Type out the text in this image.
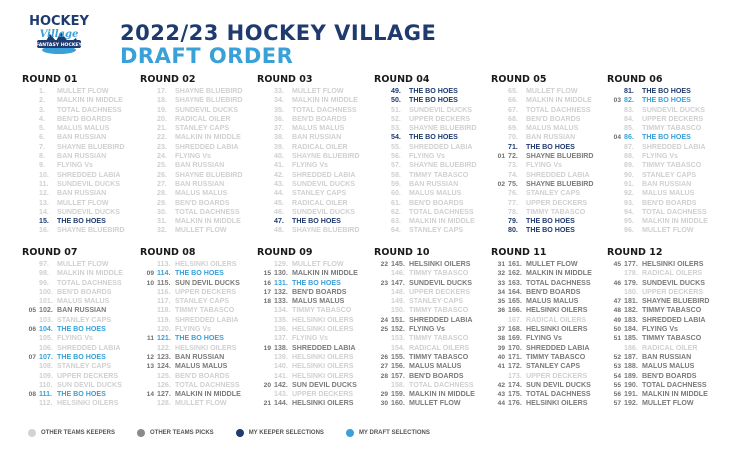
HOCKEY
Village
FANTASY HOCKEY
2022/23 HOCKEY VILLAGE
DRAFT ORDER
ROUND 01
1.	MULLET FLOW
2.	MALKIN IN MIDDLE
3.	TOTAL DACHNESS
4.	BEN'D BOARDS
5.	MALUS MALUS
6.	BAN RUSSIAN
7.	SHAYNE BLUEBIRD
8.	BAN RUSSIAN
9.	FLYING Vs
10.	SHREDDED LABIA
11.	SUNDEVIL DUCKS
12.	BAN RUSSIAN
13.	MULLET FLOW
14.	SUNDEVIL DUCKS
15.	THE BO HOES
16.	SHAYNE BLUEBIRD
ROUND 02
17.	SHAYNE BLUEBIRD
18.	SHAYNE BLUEBIRD
19.	SUNDEVIL DUCKS
20.	RADICAL OILER
21.	STANLEY CAPS
22.	MALKIN IN MIDDLE
23.	SHREDDED LABIA
24.	FLYING Vs
25.	BAN RUSSIAN
26.	SHAYNE BLUEBIRD
27.	BAN RUSSIAN
28.	MALUS MALUS
29.	BEN'D BOARDS
30.	TOTAL DACHNESS
31.	MALKIN IN MIDDLE
32.	MULLET FLOW
ROUND 03
33.	MULLET FLOW
34.	MALKIN IN MIDDLE
35.	TOTAL DACHNESS
36.	BEN'D BOARDS
37.	MALUS MALUS
38.	BAN RUSSIAN
39.	RADICAL OILER
40.	SHAYNE BLUEBIRD
41.	FLYING Vs
42.	SHREDDED LABIA
43.	SUNDEVIL DUCKS
44.	STANLEY CAPS
45.	RADICAL OILER
46.	SUNDEVIL DUCKS
47.	THE BO HOES
48.	SHAYNE BLUEBIRD
ROUND 04
49.	THE BO HOES
50.	THE BO HOES
51.	SUNDEVIL DUCKS
52.	UPPER DECKERS
53.	SHAYNE BLUEBIRD
54.	THE BO HOES
55.	SHREDDED LABIA
56.	FLYING Vs
57.	SHAYNE BLUEBIRD
58.	TIMMY TABASCO
59.	BAN RUSSIAN
60.	MALUS MALUS
61.	BEN'D BOARDS
62.	TOTAL DACHNESS
63.	MALKIN IN MIDDLE
64.	STANLEY CAPS
ROUND 05
65.	MULLET FLOW
66.	MALKIN IN MIDDLE
67.	TOTAL DACHNESS
68.	BEN'D BOARDS
69.	MALUS MALUS
70.	BAN RUSSIAN
71.	THE BO HOES
01 72.	SHAYNE BLUEBIRD
73.	FLYING Vs
74.	SHREDDED LABIA
02 75.	SHAYNE BLUEBIRD
76.	STANLEY CAPS
77.	UPPER DECKERS
78.	TIMMY TABASCO
79.	THE BO HOES
80.	THE BO HOES
ROUND 06
81.	THE BO HOES
03 82.	THE BO HOES
83.	SUNDEVIL DUCKS
84.	UPPER DECKERS
85.	TIMMY TABASCO
04 86.	THE BO HOES
87.	SHREDDED LABIA
88.	FLYING Vs
89.	TIMMY TABASCO
90.	STANLEY CAPS
91.	BAN RUSSIAN
92.	MALUS MALUS
93.	BEN'D BOARDS
94.	TOTAL DACHNESS
95.	MALKIN IN MIDDLE
96.	MULLET FLOW
ROUND 07
97.	MULLET FLOW
98.	MALKIN IN MIDDLE
99.	TOTAL DACHNESS
100. BEN'D BOARDS
101. MALUS MALUS
05 102. BAN RUSSIAN
103. STANLEY CAPS
06 104. THE BO HOES
105. FLYING Vs
106. SHREDDED LABIA
07 107. THE BO HOES
108. STANLEY CAPS
109. UPPER DECKERS
110. SUN DEVIL DUCKS
08 111. THE BO HOES
112. HELSINKI OILERS
ROUND 08
113. HELSINKI OILERS
09 114. THE BO HOES
10 115. SUN DEVIL DUCKS
116. UPPER DECKERS
117. STANLEY CAPS
118. TIMMY TABASCO
119. SHREDDED LABIA
120. FLYING Vs
11 121. THE BO HOES
122. HELSINKI OILERS
12 123. BAN RUSSIAN
13 124. MALUS MALUS
125. BEN'D BOARDS
126. TOTAL DACHNESS
14 127. MALKIN IN MIDDLE
128. MULLET FLOW
ROUND 09
129. MULLET FLOW
15 130. MALKIN IN MIDDLE
16 131. THE BO HOES
17 132. BEN'D BOARDS
18 133. MALUS MALUS
134. TIMMY TABASCO
135. HELSINKI OILERS
136. HELSINKI OILERS
137. FLYING Vs
19 138. SHREDDED LABIA
139. HELSINKI OILERS
140. HELSINKI OILERS
141. HELSINKI OILERS
20 142. SUN DEVIL DUCKS
143. UPPER DECKERS
21 144. HELSINKI OILERS
ROUND 10
22 145. HELSINKI OILERS
146. TIMMY TABASCO
23 147. SUNDEVIL DUCKS
148. UPPER DECKERS
149. STANLEY CAPS
150. TIMMY TABASCO
24 151. SHREDDED LABIA
25 152. FLYING Vs
153. TIMMY TABASCO
154. RADICAL OILERS
26 155. TIMMY TABASCO
27 156. MALUS MALUS
28 157. BEN'D BOARDS
158. TOTAL DACHNESS
29 159. MALKIN IN MIDDLE
30 160. MULLET FLOW
ROUND 11
31 161. MULLET FLOW
32 162. MALKIN IN MIDDLE
33 163. TOTAL DACHNESS
34 164. BEN'D BOARDS
35 165. MALUS MALUS
36 166. HELSINKI OILERS
167. RADICAL OILERS
37 168. HELSINKI OILERS
38 169. FLYING Vs
39 170. SHREDDED LABIA
40 171. TIMMY TABASCO
41 172. STANLEY CAPS
173. UPPER DECKERS
42 174. SUN DEVIL DUCKS
43 175. TOTAL DACHNESS
44 176. HELSINKI OILERS
ROUND 12
45 177. HELSINKI OILERS
178. RADICAL OILERS
46 179. SUNDEVIL DUCKS
180. UPPER DECKERS
47 181. SHAYNE BLUEBIRD
48 182. TIMMY TABASCO
49 183. SHREDDED LABIA
50 184. FLYING Vs
51 185. TIMMY TABASCO
186. RADICAL OILER
52 187. BAN RUSSIAN
53 188. MALUS MALUS
54 189. BEN'D BOARDS
55 190. TOTAL DACHNESS
56 191. MALKIN IN MIDDLE
57 192. MULLET FLOW
OTHER TEAMS KEEPERS	OTHER TEAMS PICKS	MY KEEPER SELECTIONS	MY DRAFT SELECTIONS
